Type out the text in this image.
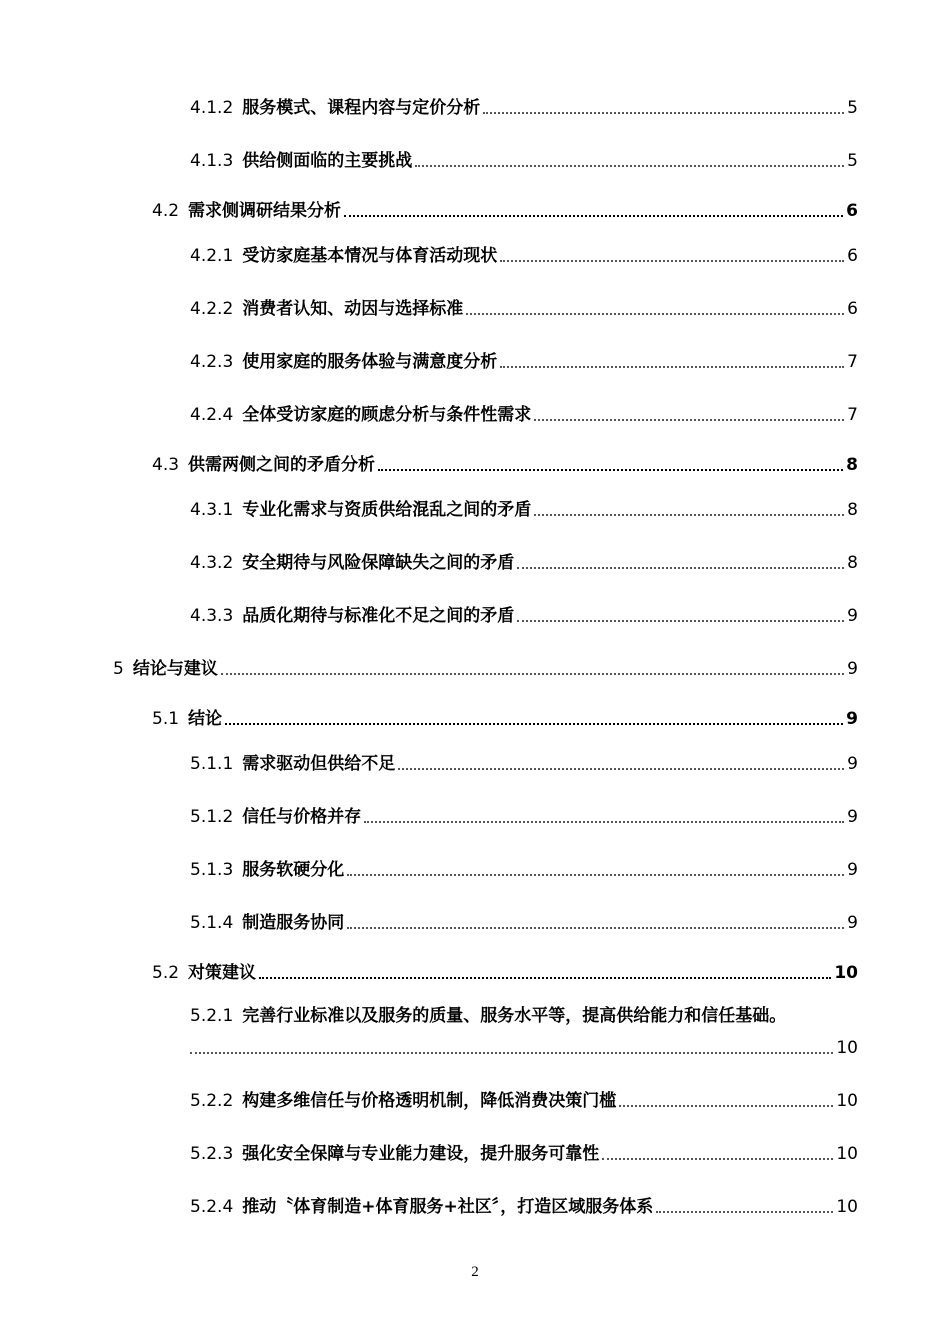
4.1.2 服务模式、课程内容与定价分析	5
4.1.3 供给侧面临的主要挑战	5
4.2 需求侧调研结果分析	6
4.2.1 受访家庭基本情况与体育活动现状	6
4.2.2 消费者认知、动因与选择标准	6
4.2.3 使用家庭的服务体验与满意度分析	7
4.2.4 全体受访家庭的顾虑分析与条件性需求	7
4.3 供需两侧之间的矛盾分析	8
4.3.1 专业化需求与资质供给混乱之间的矛盾	8
4.3.2 安全期待与风险保障缺失之间的矛盾	8
4.3.3 品质化期待与标准化不足之间的矛盾	9
5 结论与建议	9
5.1 结论	9
5.1.1 需求驱动但供给不足	9
5.1.2 信任与价格并存	9
5.1.3 服务软硬分化	9
5.1.4 制造服务协同	9
5.2 对策建议	10
5.2.1 完善行业标准以及服务的质量、服务水平等，提高供给能力和信任基础。
10
5.2.2 构建多维信任与价格透明机制，降低消费决策门槛	10
5.2.3 强化安全保障与专业能力建设，提升服务可靠性	10
5.2.4 推动〝体育制造+体育服务+社区〞，打造区域服务体系	10
2
